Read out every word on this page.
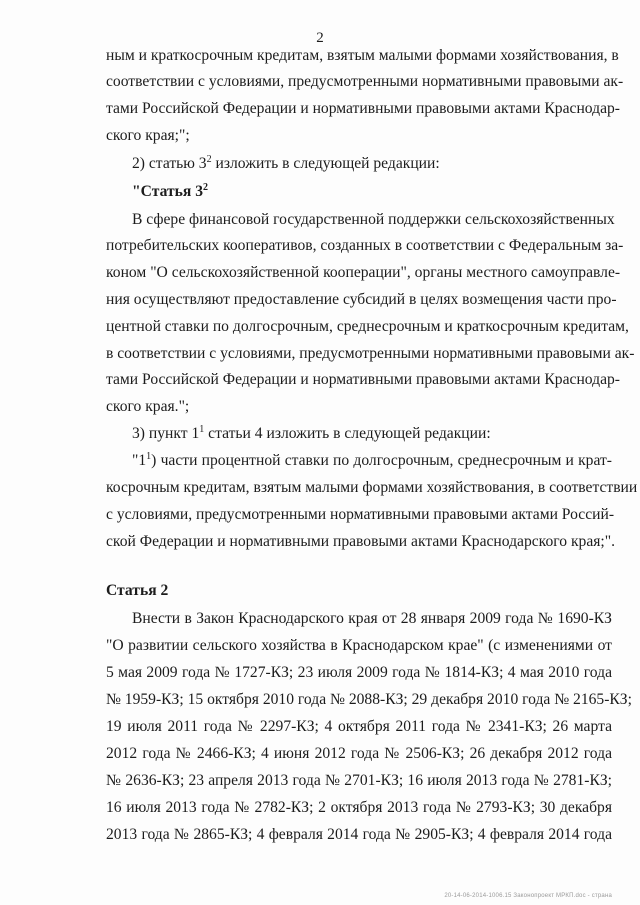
2
ным и краткосрочным кредитам, взятым малыми формами хозяйствования, в
соответствии с условиями, предусмотренными нормативными правовыми ак-
тами Российской Федерации и нормативными правовыми актами Краснодар-
ского края;";
2) статью $3^2$ изложить в следующей редакции:
"Статья $3^2$
В сфере финансовой государственной поддержки сельскохозяйственных
потребительских кооперативов, созданных в соответствии с Федеральным за-
коном "О сельскохозяйственной кооперации", органы местного самоуправле-
ния осуществляют предоставление субсидий в целях возмещения части про-
центной ставки по долгосрочным, среднесрочным и краткосрочным кредитам,
в соответствии с условиями, предусмотренными нормативными правовыми ак-
тами Российской Федерации и нормативными правовыми актами Краснодар-
ского края.";
3) пункт $1^1$ статьи 4 изложить в следующей редакции:
"$1^1$) части процентной ставки по долгосрочным, среднесрочным и крат-
косрочным кредитам, взятым малыми формами хозяйствования, в соответствии
с условиями, предусмотренными нормативными правовыми актами Россий-
ской Федерации и нормативными правовыми актами Краснодарского края;".
Статья 2
Внести в Закон Краснодарского края от 28 января 2009 года № 1690-КЗ
"О развитии сельского хозяйства в Краснодарском крае" (с изменениями от
5 мая 2009 года № 1727-КЗ; 23 июля 2009 года № 1814-КЗ; 4 мая 2010 года
№ 1959-КЗ; 15 октября 2010 года № 2088-КЗ; 29 декабря 2010 года № 2165-КЗ;
19 июля 2011 года № 2297-КЗ; 4 октября 2011 года № 2341-КЗ; 26 марта
2012 года № 2466-КЗ; 4 июня 2012 года № 2506-КЗ; 26 декабря 2012 года
№ 2636-КЗ; 23 апреля 2013 года № 2701-КЗ; 16 июля 2013 года № 2781-КЗ;
16 июля 2013 года № 2782-КЗ; 2 октября 2013 года № 2793-КЗ; 30 декабря
2013 года № 2865-КЗ; 4 февраля 2014 года № 2905-КЗ; 4 февраля 2014 года
20-14-06-2014-1006.15 Законопроект МРКП.doc - страна
